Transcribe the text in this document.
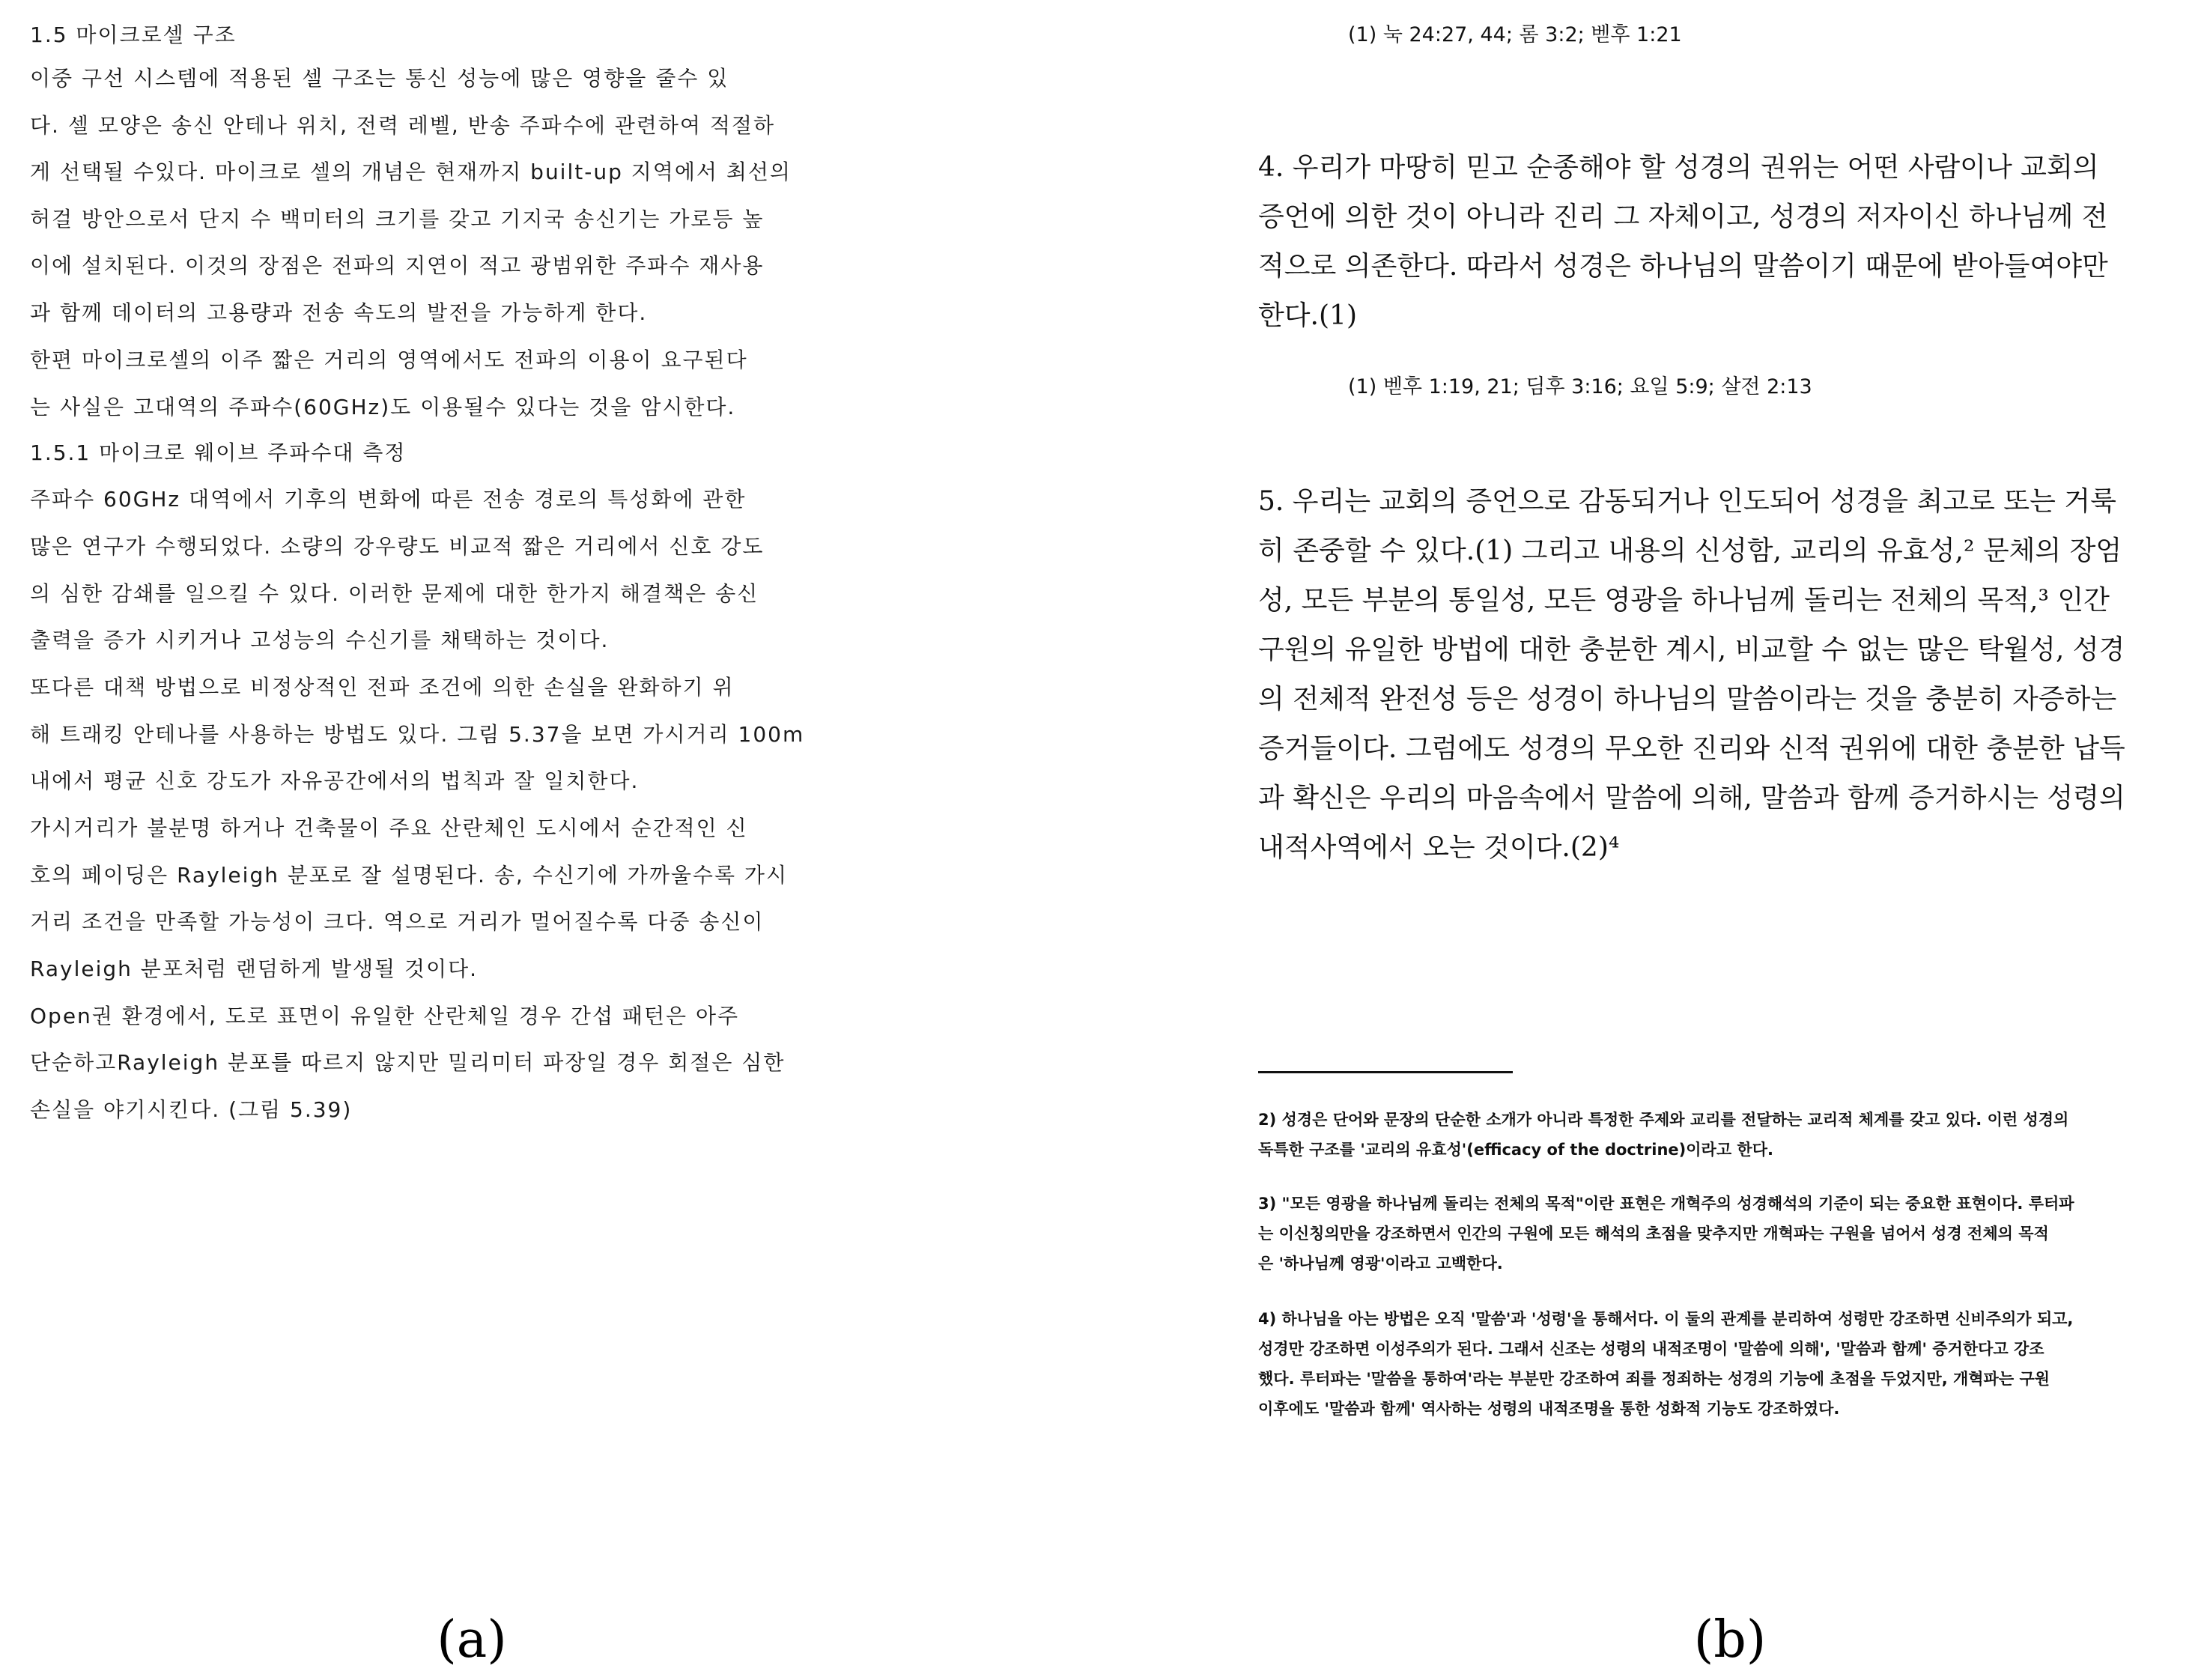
1.5 마이크로셀 구조
이중 구선 시스템에 적용된 셀 구조는 통신 성능에 많은 영향을 줄수 있
다. 셀 모양은 송신 안테나 위치, 전력 레벨, 반송 주파수에 관련하여 적절하
게 선택될 수있다. 마이크로 셀의 개념은 현재까지 built-up 지역에서 최선의
허걸 방안으로서 단지 수 백미터의 크기를 갖고 기지국 송신기는 가로등 높
이에 설치된다. 이것의 장점은 전파의 지연이 적고 광범위한 주파수 재사용
과 함께 데이터의 고용량과 전송 속도의 발전을 가능하게 한다.
한편 마이크로셀의 이주 짧은 거리의 영역에서도 전파의 이용이 요구된다
는 사실은 고대역의 주파수(60GHz)도 이용될수 있다는 것을 암시한다.
1.5.1 마이크로 웨이브 주파수대 측정
주파수 60GHz 대역에서 기후의 변화에 따른 전송 경로의 특성화에 관한
많은 연구가 수행되었다. 소량의 강우량도 비교적 짧은 거리에서 신호 강도
의 심한 감쇄를 일으킬 수 있다. 이러한 문제에 대한 한가지 해결책은 송신
출력을 증가 시키거나 고성능의 수신기를 채택하는 것이다.
또다른 대책 방법으로 비정상적인 전파 조건에 의한 손실을 완화하기 위
해 트래킹 안테나를 사용하는 방법도 있다. 그림 5.37을 보면 가시거리 100m
내에서 평균 신호 강도가 자유공간에서의 법칙과 잘 일치한다.
가시거리가 불분명 하거나 건축물이 주요 산란체인 도시에서 순간적인 신
호의 페이딩은 Rayleigh 분포로 잘 설명된다. 송, 수신기에 가까울수록 가시
거리 조건을 만족할 가능성이 크다. 역으로 거리가 멀어질수록 다중 송신이
Rayleigh 분포처럼 랜덤하게 발생될 것이다.
Open권 환경에서, 도로 표면이 유일한 산란체일 경우 간섭 패턴은 아주
단순하고Rayleigh 분포를 따르지 않지만 밀리미터 파장일 경우 회절은 심한
손실을 야기시킨다. (그림 5.39)
(1) 눅 24:27, 44; 롬 3:2; 벧후 1:21
4. 우리가 마땅히 믿고 순종해야 할 성경의 권위는 어떤 사람이나 교회의
증언에 의한 것이 아니라 진리 그 자체이고, 성경의 저자이신 하나님께 전
적으로 의존한다. 따라서 성경은 하나님의 말씀이기 때문에 받아들여야만
한다.(1)
(1) 벧후 1:19, 21; 딤후 3:16; 요일 5:9; 살전 2:13
5. 우리는 교회의 증언으로 감동되거나 인도되어 성경을 최고로 또는 거룩
히 존중할 수 있다.(1) 그리고 내용의 신성함, 교리의 유효성,² 문체의 장엄
성, 모든 부분의 통일성, 모든 영광을 하나님께 돌리는 전체의 목적,³ 인간
구원의 유일한 방법에 대한 충분한 계시, 비교할 수 없는 많은 탁월성, 성경
의 전체적 완전성 등은 성경이 하나님의 말씀이라는 것을 충분히 자증하는
증거들이다. 그럼에도 성경의 무오한 진리와 신적 권위에 대한 충분한 납득
과 확신은 우리의 마음속에서 말씀에 의해, 말씀과 함께 증거하시는 성령의
내적사역에서 오는 것이다.(2)⁴
2) 성경은 단어와 문장의 단순한 소개가 아니라 특정한 주제와 교리를 전달하는 교리적 체계를 갖고 있다. 이런 성경의
독특한 구조를 '교리의 유효성'(efficacy of the doctrine)이라고 한다.
3) "모든 영광을 하나님께 돌리는 전체의 목적"이란 표현은 개혁주의 성경해석의 기준이 되는 중요한 표현이다. 루터파
는 이신칭의만을 강조하면서 인간의 구원에 모든 해석의 초점을 맞추지만 개혁파는 구원을 넘어서 성경 전체의 목적
은 '하나님께 영광'이라고 고백한다.
4) 하나님을 아는 방법은 오직 '말씀'과 '성령'을 통해서다. 이 둘의 관계를 분리하여 성령만 강조하면 신비주의가 되고,
성경만 강조하면 이성주의가 된다. 그래서 신조는 성령의 내적조명이 '말씀에 의해', '말씀과 함께' 증거한다고 강조
했다. 루터파는 '말씀을 통하여'라는 부분만 강조하여 죄를 정죄하는 성경의 기능에 초점을 두었지만, 개혁파는 구원
이후에도 '말씀과 함께' 역사하는 성령의 내적조명을 통한 성화적 기능도 강조하였다.
(a)	(b)
